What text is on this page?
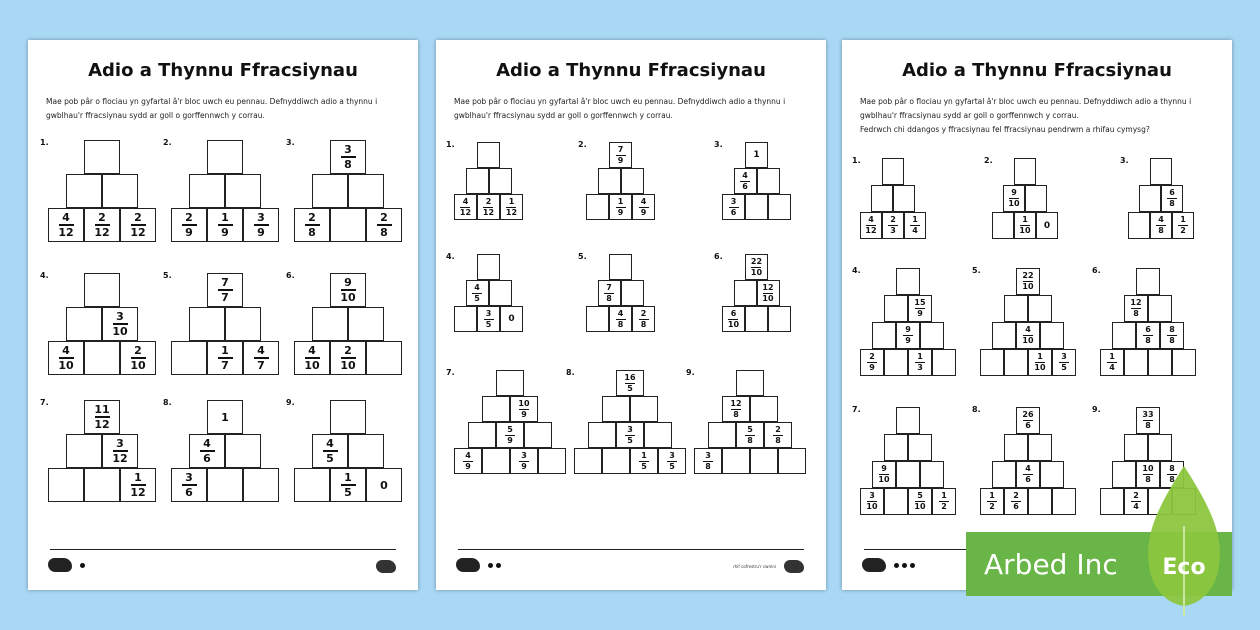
Adio a Thynnu Ffracsiynau
Mae pob pâr o flociau yn gyfartal â'r bloc uwch eu pennau. Defnyddiwch adio a thynnu i
gwblhau'r ffracsiynau sydd ar goll o gorffennwch y corrau.
1.
$\frac{4}{12} \frac{2}{12} \frac{2}{12}$
2.
$\frac{2}{9} \frac{1}{9} \frac{3}{9}$
3.
$\frac{3}{8}$
$\frac{2}{8}$	$\frac{2}{8}$
4.
$\frac{3}{10}$
$\frac{4}{10}$	$\frac{2}{10}$
5.
$\frac{7}{7}$
$\frac{1}{7} \frac{4}{7}$
6.
$\frac{9}{10}$
$\frac{4}{10} \frac{2}{10}$
7.
$\frac{11}{12}$
$\frac{3}{12}$
$\frac{1}{12}$
8.
1
$\frac{4}{6}$
$\frac{3}{6}$
9.
$\frac{4}{5}$
$\frac{1}{5} 0$
Adio a Thynnu Ffracsiynau
Mae pob pâr o flociau yn gyfartal â'r bloc uwch eu pennau. Defnyddiwch adio a thynnu i
gwblhau'r ffracsiynau sydd ar goll o gorffennwch y corrau.
1.
$\frac{4}{12} \frac{2}{12} \frac{1}{12}$
2.
$\frac{7}{9}$
$\frac{1}{9} \frac{4}{9}$
3.
1
$\frac{4}{6}$
$\frac{3}{6}$
4.
$\frac{4}{5}$
$\frac{3}{5} 0$
5.
$\frac{7}{8}$
$\frac{4}{8} \frac{2}{8}$
6.
$\frac{22}{10}$
$\frac{12}{10}$
$\frac{6}{10}$
7.
$\frac{10}{9}$
$\frac{5}{9}$
$\frac{4}{9}$	$\frac{3}{9}$
8.
$\frac{16}{5}$
$\frac{3}{5}$
$\frac{1}{5} \frac{3}{5}$
9.
$\frac{12}{8}$
$\frac{5}{8} \frac{2}{8}$
$\frac{3}{8}$
rhif cofrestru'r cwmni
Adio a Thynnu Ffracsiynau
Mae pob pâr o flociau yn gyfartal â'r bloc uwch eu pennau. Defnyddiwch adio a thynnu i
gwblhau'r ffracsiynau sydd ar goll o gorffennwch y corrau.
Fedrwch chi ddangos y ffracsiynau fel ffracsiynau pendrwm a rhifau cymysg?
1.
$\frac{4}{12} \frac{2}{3} \frac{1}{4}$
2.
$\frac{9}{10}$
$\frac{1}{10} 0$
3.
$\frac{6}{8}$
$\frac{4}{8} \frac{1}{2}$
4.
$\frac{15}{9}$
$\frac{9}{9}$
$\frac{2}{9}$	$\frac{1}{3}$
5.
$\frac{22}{10}$
$\frac{4}{10}$
$\frac{1}{10} \frac{3}{5}$
6.
$\frac{12}{8}$
$\frac{6}{8} \frac{8}{8}$
$\frac{1}{4}$
7.
$\frac{9}{10}$
$\frac{3}{10}$	$\frac{5}{10} \frac{1}{2}$
8.
$\frac{26}{6}$
$\frac{4}{6}$
$\frac{1}{2} \frac{2}{6}$
9.
$\frac{33}{8}$
$\frac{10}{8} \frac{8}{8}$
$\frac{2}{4}$
Arbed Inc Eco
